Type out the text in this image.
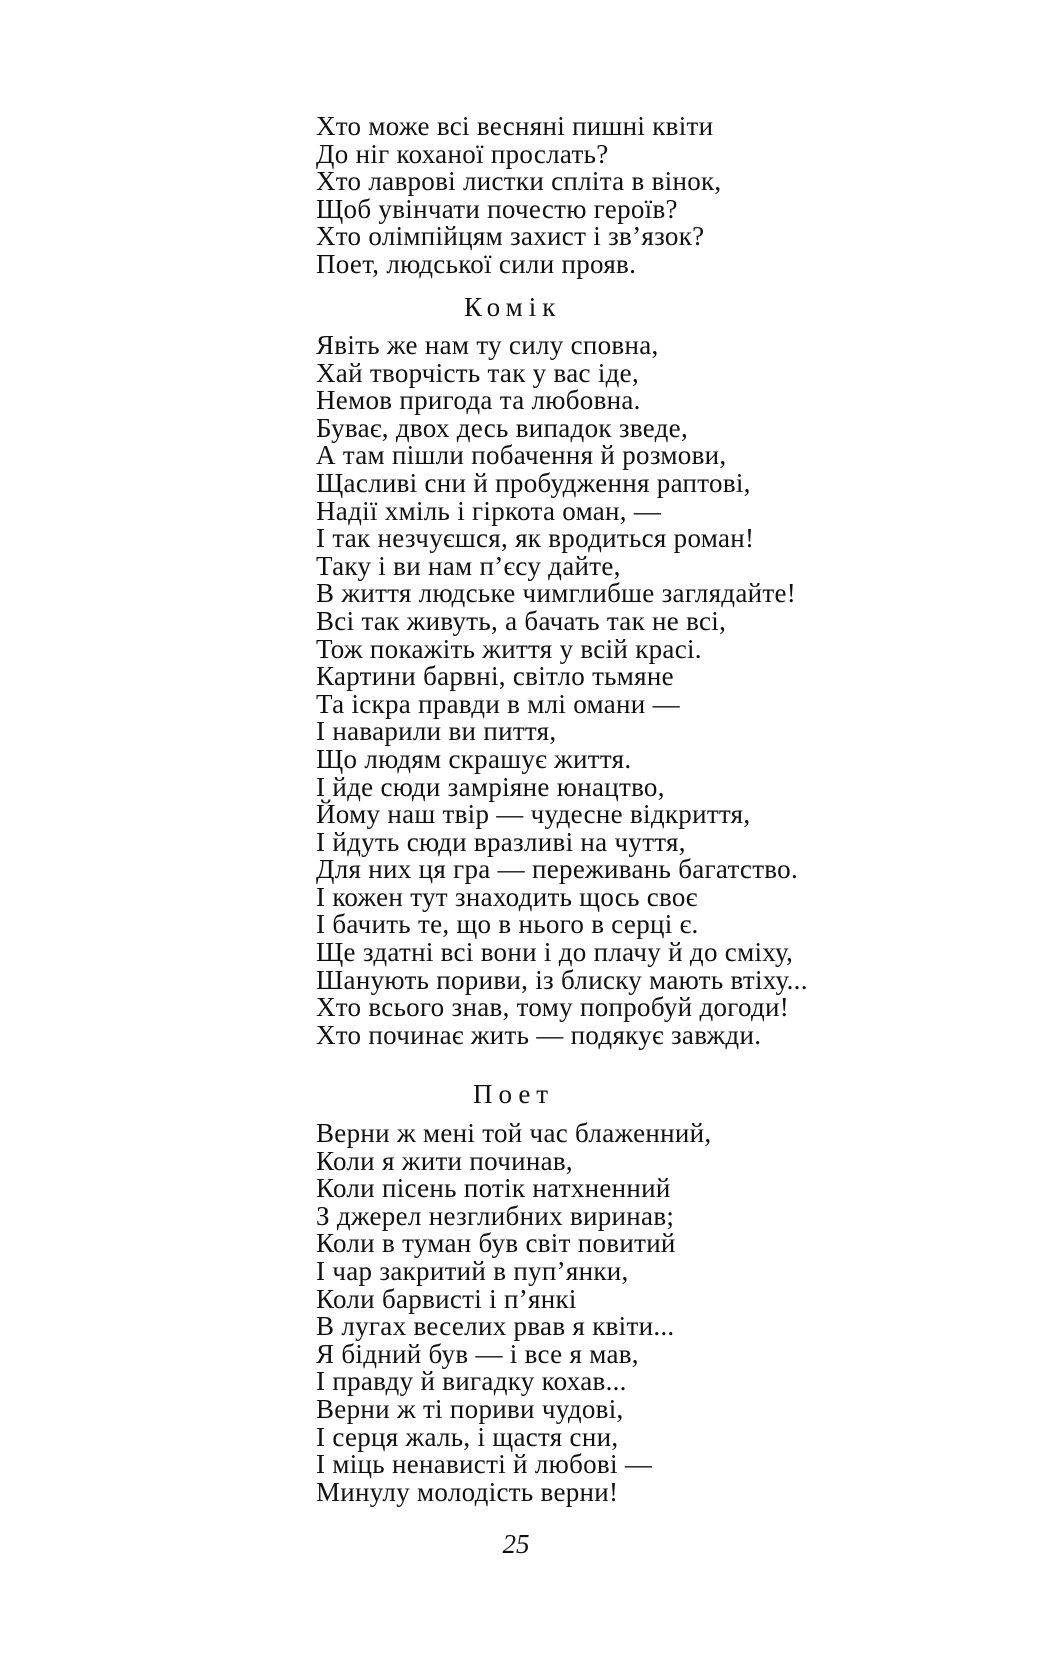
Хто може всі весняні пишні квіти
До ніг коханої прослать?
Хто лаврові листки спліта в вінок,
Щоб увінчати почестю героїв?
Хто олімпійцям захист і зв’язок?
Поет, людської сили прояв.
Комік
Явіть же нам ту силу сповна,
Хай творчість так у вас іде,
Немов пригода та любовна.
Буває, двох десь випадок зведе,
А там пішли побачення й розмови,
Щасливі сни й пробудження раптові,
Надії хміль і гіркота оман, —
І так незчуєшся, як вродиться роман!
Таку і ви нам п’єсу дайте,
В життя людське чимглибше заглядайте!
Всі так живуть, а бачать так не всі,
Тож покажіть життя у всій красі.
Картини барвні, світло тьмяне
Та іскра правди в млі омани —
І наварили ви пиття,
Що людям скрашує життя.
І йде сюди замріяне юнацтво,
Йому наш твір — чудесне відкриття,
І йдуть сюди вразливі на чуття,
Для них ця гра — переживань багатство.
І кожен тут знаходить щось своє
І бачить те, що в нього в серці є.
Ще здатні всі вони і до плачу й до сміху,
Шанують пориви, із блиску мають втіху...
Хто всього знав, тому попробуй догоди!
Хто починає жить — подякує завжди.
Поет
Верни ж мені той час блаженний,
Коли я жити починав,
Коли пісень потік натхненний
З джерел незглибних виринав;
Коли в туман був світ повитий
І чар закритий в пуп’янки,
Коли барвисті і п’янкі
В лугах веселих рвав я квіти...
Я бідний був — і все я мав,
І правду й вигадку кохав...
Верни ж ті пориви чудові,
І серця жаль, і щастя сни,
І міць ненависті й любові —
Минулу молодість верни!
25
